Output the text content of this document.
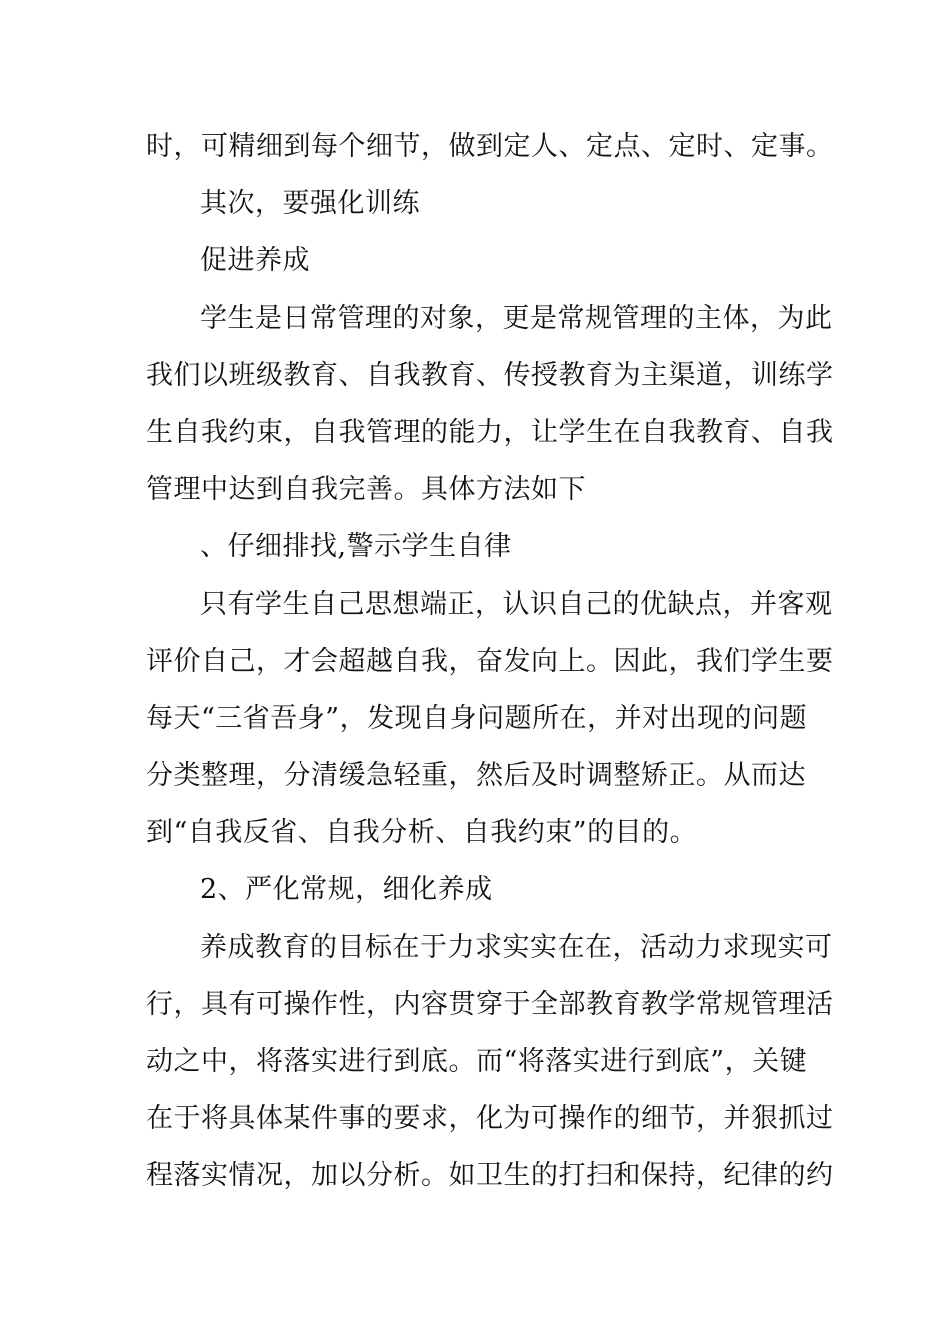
时，可精细到每个细节，做到定人、定点、定时、定事。
其次，要强化训练
促进养成
学生是日常管理的对象，更是常规管理的主体，为此
我们以班级教育、自我教育、传授教育为主渠道，训练学
生自我约束，自我管理的能力，让学生在自我教育、自我
管理中达到自我完善。具体方法如下
、仔细排找,警示学生自律
只有学生自己思想端正，认识自己的优缺点，并客观
评价自己，才会超越自我，奋发向上。因此，我们学生要
每天“三省吾身”，发现自身问题所在，并对出现的问题
分类整理，分清缓急轻重，然后及时调整矫正。从而达
到“自我反省、自我分析、自我约束”的目的。
2、严化常规，细化养成
养成教育的目标在于力求实实在在，活动力求现实可
行，具有可操作性，内容贯穿于全部教育教学常规管理活
动之中，将落实进行到底。而“将落实进行到底”，关键
在于将具体某件事的要求，化为可操作的细节，并狠抓过
程落实情况，加以分析。如卫生的打扫和保持，纪律的约
